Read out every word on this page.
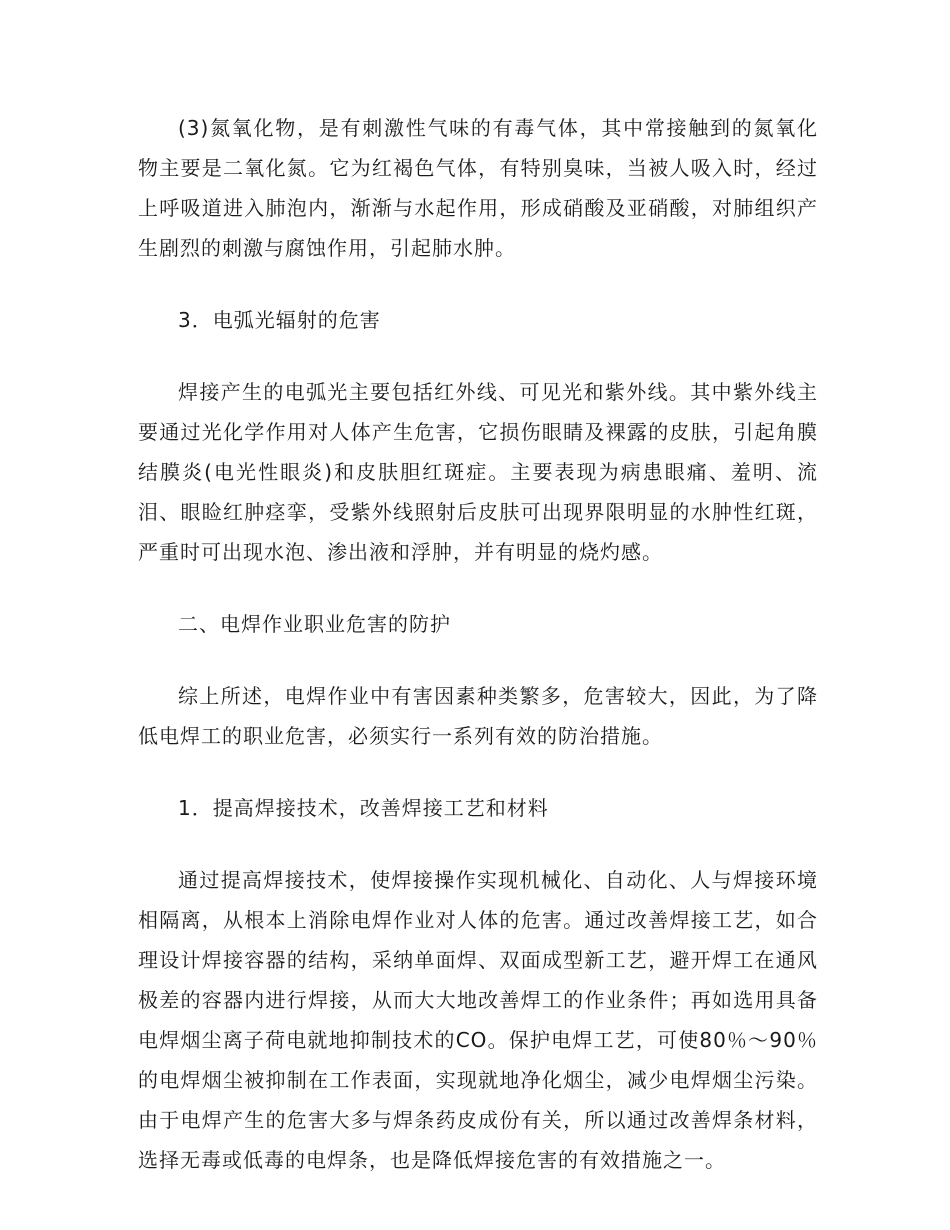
(3)氮氧化物，是有刺激性气味的有毒气体，其中常接触到的氮氧化物主要是二氧化氮。它为红褐色气体，有特别臭味，当被人吸入时，经过上呼吸道进入肺泡内，渐渐与水起作用，形成硝酸及亚硝酸，对肺组织产生剧烈的刺激与腐蚀作用，引起肺水肿。

3．电弧光辐射的危害

焊接产生的电弧光主要包括红外线、可见光和紫外线。其中紫外线主要通过光化学作用对人体产生危害，它损伤眼睛及裸露的皮肤，引起角膜结膜炎(电光性眼炎)和皮肤胆红斑症。主要表现为病患眼痛、羞明、流泪、眼睑红肿痉挛，受紫外线照射后皮肤可出现界限明显的水肿性红斑，严重时可出现水泡、渗出液和浮肿，并有明显的烧灼感。

二、电焊作业职业危害的防护

综上所述，电焊作业中有害因素种类繁多，危害较大，因此，为了降低电焊工的职业危害，必须实行一系列有效的防治措施。

1．提高焊接技术，改善焊接工艺和材料

通过提高焊接技术，使焊接操作实现机械化、自动化、人与焊接环境相隔离，从根本上消除电焊作业对人体的危害。通过改善焊接工艺，如合理设计焊接容器的结构，采纳单面焊、双面成型新工艺，避开焊工在通风极差的容器内进行焊接，从而大大地改善焊工的作业条件；再如选用具备电焊烟尘离子荷电就地抑制技术的CO。保护电焊工艺，可使80％～90％的电焊烟尘被抑制在工作表面，实现就地净化烟尘，减少电焊烟尘污染。由于电焊产生的危害大多与焊条药皮成份有关，所以通过改善焊条材料，选择无毒或低毒的电焊条，也是降低焊接危害的有效措施之一。
